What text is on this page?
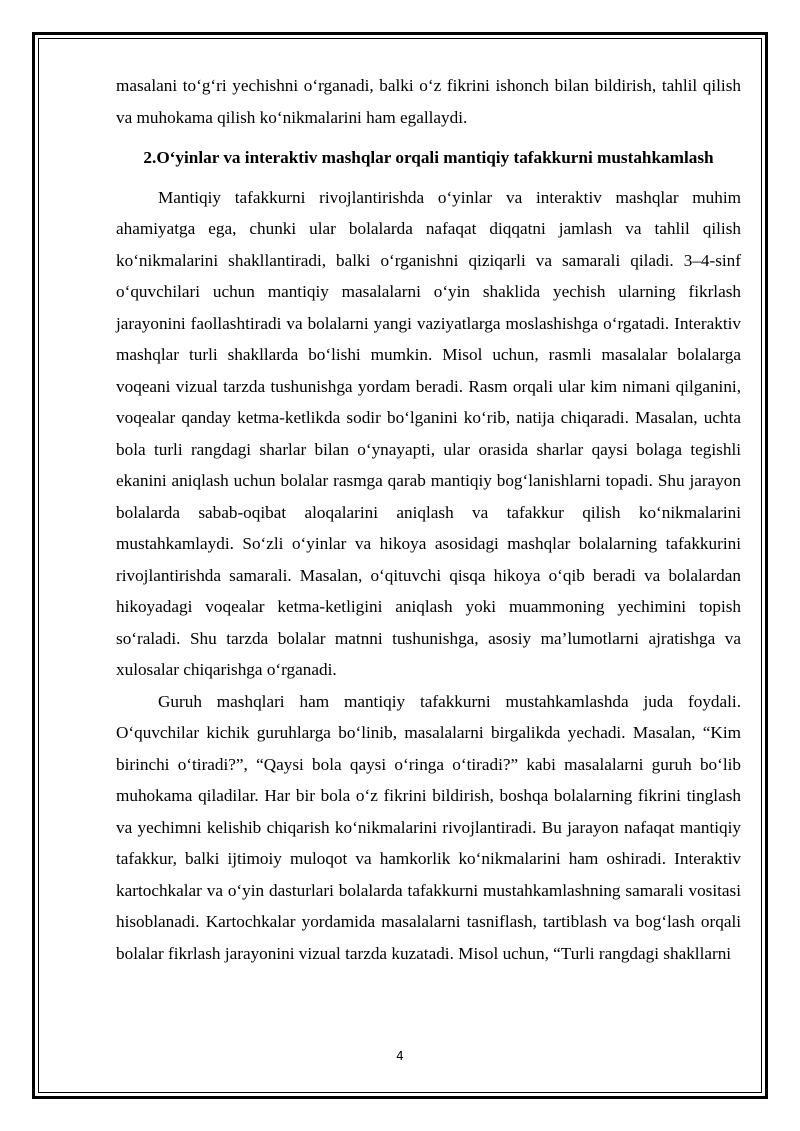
masalani to‘g‘ri yechishni o‘rganadi, balki o‘z fikrini ishonch bilan bildirish, tahlil qilish va muhokama qilish ko‘nikmalarini ham egallaydi.

2.O‘yinlar va interaktiv mashqlar orqali mantiqiy tafakkurni mustahkamlash

Mantiqiy tafakkurni rivojlantirishda o‘yinlar va interaktiv mashqlar muhim ahamiyatga ega, chunki ular bolalarda nafaqat diqqatni jamlash va tahlil qilish ko‘nikmalarini shakllantiradi, balki o‘rganishni qiziqarli va samarali qiladi. 3–4-sinf o‘quvchilari uchun mantiqiy masalalarni o‘yin shaklida yechish ularning fikrlash jarayonini faollashtiradi va bolalarni yangi vaziyatlarga moslashishga o‘rgatadi. Interaktiv mashqlar turli shakllarda bo‘lishi mumkin. Misol uchun, rasmli masalalar bolalarga voqeani vizual tarzda tushunishga yordam beradi. Rasm orqali ular kim nimani qilganini, voqealar qanday ketma-ketlikda sodir bo‘lganini ko‘rib, natija chiqaradi. Masalan, uchta bola turli rangdagi sharlar bilan o‘ynayapti, ular orasida sharlar qaysi bolaga tegishli ekanini aniqlash uchun bolalar rasmga qarab mantiqiy bog‘lanishlarni topadi. Shu jarayon bolalarda sabab-oqibat aloqalarini aniqlash va tafakkur qilish ko‘nikmalarini mustahkamlaydi. So‘zli o‘yinlar va hikoya asosidagi mashqlar bolalarning tafakkurini rivojlantirishda samarali. Masalan, o‘qituvchi qisqa hikoya o‘qib beradi va bolalardan hikoyadagi voqealar ketma-ketligini aniqlash yoki muammoning yechimini topish so‘raladi. Shu tarzda bolalar matnni tushunishga, asosiy ma’lumotlarni ajratishga va xulosalar chiqarishga o‘rganadi.

Guruh mashqlari ham mantiqiy tafakkurni mustahkamlashda juda foydali. O‘quvchilar kichik guruhlarga bo‘linib, masalalarni birgalikda yechadi. Masalan, “Kim birinchi o‘tiradi?”, “Qaysi bola qaysi o‘ringa o‘tiradi?” kabi masalalarni guruh bo‘lib muhokama qiladilar. Har bir bola o‘z fikrini bildirish, boshqa bolalarning fikrini tinglash va yechimni kelishib chiqarish ko‘nikmalarini rivojlantiradi. Bu jarayon nafaqat mantiqiy tafakkur, balki ijtimoiy muloqot va hamkorlik ko‘nikmalarini ham oshiradi. Interaktiv kartochkalar va o‘yin dasturlari bolalarda tafakkurni mustahkamlashning samarali vositasi hisoblanadi. Kartochkalar yordamida masalalarni tasniflash, tartiblash va bog‘lash orqali bolalar fikrlash jarayonini vizual tarzda kuzatadi. Misol uchun, “Turli rangdagi shakllarni

4
